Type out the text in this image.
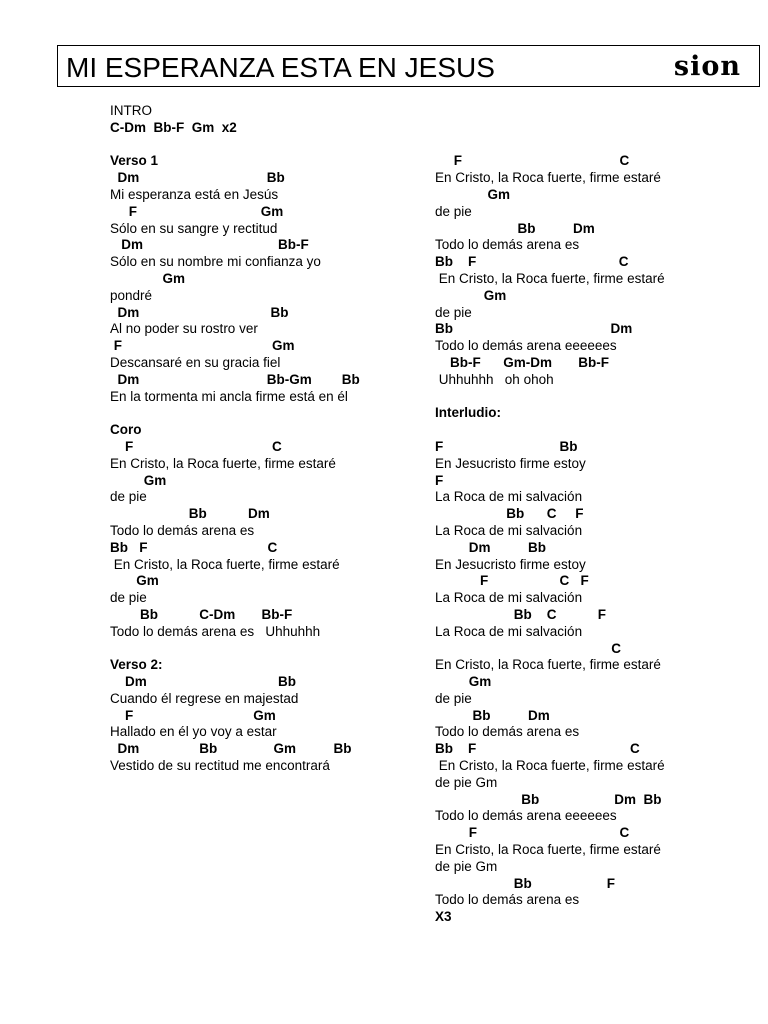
MI ESPERANZA ESTA EN JESUS	sion
INTRO
C-Dm  Bb-F  Gm  x2
Verso 1
Dm                                  Bb
Mi esperanza está en Jesús
F                                 Gm
Sólo en su sangre y rectitud
Dm                                    Bb-F
Sólo en su nombre mi confianza yo
Gm
pondré
Dm                                   Bb
Al no poder su rostro ver
F                                        Gm
Descansaré en su gracia fiel
Dm                                  Bb-Gm        Bb
En la tormenta mi ancla firme está en él
Coro
F                                     C
En Cristo, la Roca fuerte, firme estaré
Gm
de pie
Bb           Dm
Todo lo demás arena es
Bb   F                                C
En Cristo, la Roca fuerte, firme estaré
Gm
de pie
Bb           C-Dm       Bb-F
Todo lo demás arena es   Uhhuhhh
Verso 2:
Dm                                   Bb
Cuando él regrese en majestad
F                                Gm
Hallado en él yo voy a estar
Dm                Bb               Gm          Bb
Vestido de su rectitud me encontrará
F                                          C
En Cristo, la Roca fuerte, firme estaré
Gm
de pie
Bb          Dm
Todo lo demás arena es
Bb    F                                      C
En Cristo, la Roca fuerte, firme estaré
Gm
de pie
Bb                                          Dm
Todo lo demás arena eeeeees
Bb-F      Gm-Dm       Bb-F
Uhhuhhh   oh ohoh
Interludio:
F                               Bb
En Jesucristo firme estoy
F
La Roca de mi salvación
Bb      C     F
La Roca de mi salvación
Dm          Bb
En Jesucristo firme estoy
F                   C   F
La Roca de mi salvación
Bb    C           F
La Roca de mi salvación
C
En Cristo, la Roca fuerte, firme estaré
Gm
de pie
Bb          Dm
Todo lo demás arena es
Bb    F                                         C
En Cristo, la Roca fuerte, firme estaré
de pie Gm
Bb                    Dm  Bb
Todo lo demás arena eeeeees
F                                      C
En Cristo, la Roca fuerte, firme estaré
de pie Gm
Bb                    F
Todo lo demás arena es
X3
